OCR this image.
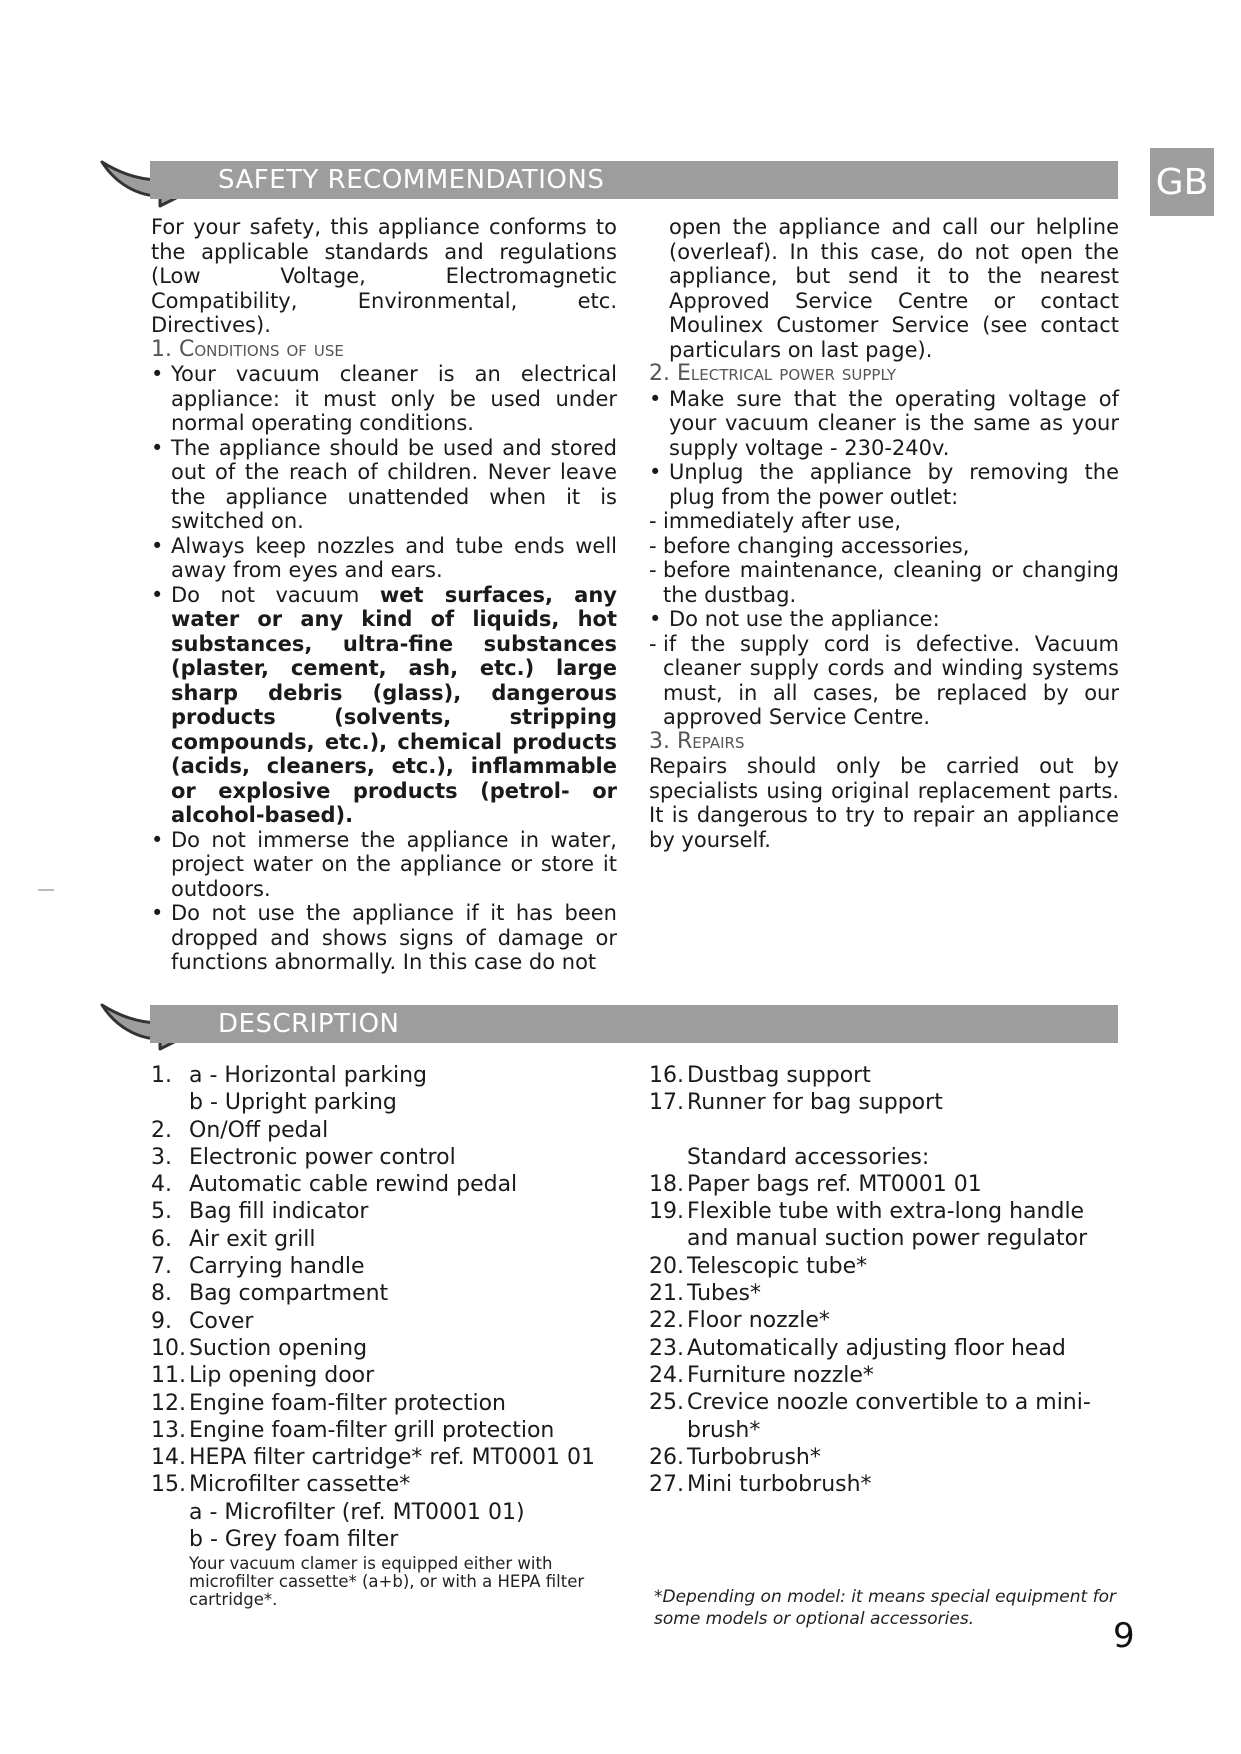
SAFETY RECOMMENDATIONS	GB

For your safety, this appliance conforms to the applicable standards and regulations (Low Voltage, Electromagnetic Compatibility, Environmental, etc. Directives).

1. Conditions of use

• Your vacuum cleaner is an electrical appliance: it must only be used under normal operating conditions.

• The appliance should be used and stored out of the reach of children. Never leave the appliance unattended when it is switched on.

• Always keep nozzles and tube ends well away from eyes and ears.

• Do not vacuum wet surfaces, any water or any kind of liquids, hot substances, ultra-fine substances (plaster, cement, ash, etc.) large sharp debris (glass), dangerous products (solvents, stripping compounds, etc.), chemical products (acids, cleaners, etc.), inflammable or explosive products (petrol- or alcohol-based).

• Do not immerse the appliance in water, project water on the appliance or store it outdoors.

• Do not use the appliance if it has been dropped and shows signs of damage or functions abnormally. In this case do not

open the appliance and call our helpline (overleaf). In this case, do not open the appliance, but send it to the nearest Approved Service Centre or contact Moulinex Customer Service (see contact particulars on last page).

2. Electrical power supply

• Make sure that the operating voltage of your vacuum cleaner is the same as your supply voltage - 230-240v.

• Unplug the appliance by removing the plug from the power outlet:

- immediately after use,

- before changing accessories,

- before maintenance, cleaning or changing the dustbag.

• Do not use the appliance:

- if the supply cord is defective. Vacuum cleaner supply cords and winding systems must, in all cases, be replaced by our approved Service Centre.

3. Repairs

Repairs should only be carried out by specialists using original replacement parts. It is dangerous to try to repair an appliance by yourself.

DESCRIPTION
1. a - Horizontal parking
b - Upright parking
2. On/Off pedal
3. Electronic power control
4. Automatic cable rewind pedal
5. Bag fill indicator
6. Air exit grill
7. Carrying handle
8. Bag compartment
9. Cover
10. Suction opening
11. Lip opening door
12. Engine foam-filter protection
13. Engine foam-filter grill protection
14. HEPA filter cartridge* ref. MT0001 01
15. Microfilter cassette*
a - Microfilter (ref. MT0001 01)
b - Grey foam filter
Your vacuum clamer is equipped either with microfilter cassette* (a+b), or with a HEPA filter cartridge*.
16. Dustbag support
17. Runner for bag support
Standard accessories:
18. Paper bags ref. MT0001 01
19. Flexible tube with extra-long handle and manual suction power regulator
20. Telescopic tube*
21. Tubes*
22. Floor nozzle*
23. Automatically adjusting floor head
24. Furniture nozzle*
25. Crevice noozle convertible to a mini-brush*
26. Turbobrush*
27. Mini turbobrush*
*Depending on model: it means special equipment for some models or optional accessories.	9
